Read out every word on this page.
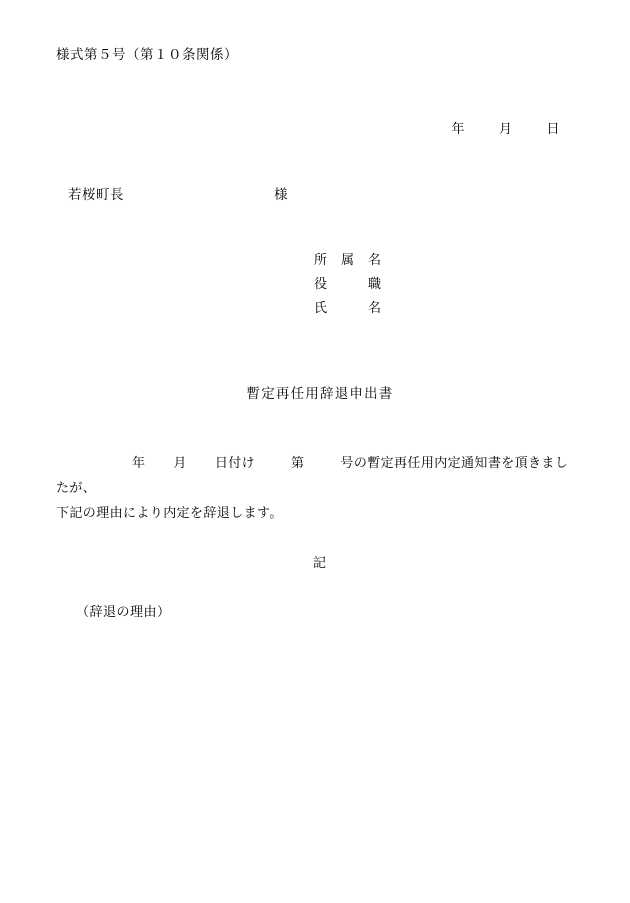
様式第５号（第１０条関係）
年	月	日
若桜町長	様
所　属　名
役　　　職
氏　　　名
暫定再任用辞退申出書
年 月 日付け	第	号の暫定再任用内定通知書を頂きましたが、
下記の理由により内定を辞退します。
記
（辞退の理由）
